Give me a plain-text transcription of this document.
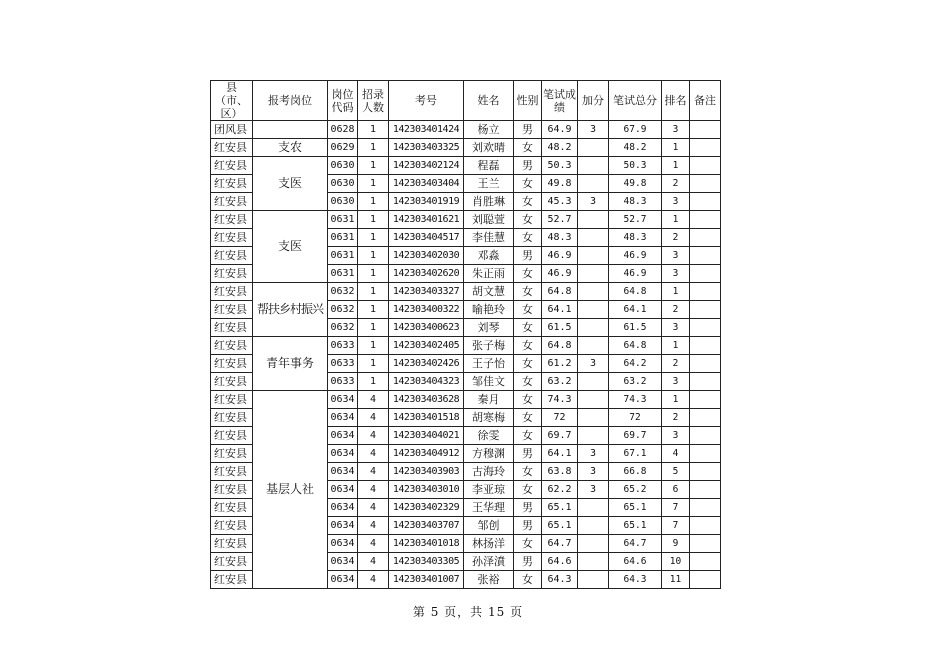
县（市、区）	报考岗位	岗位代码	招录人数	考号	姓名	性别	笔试成绩	加分	笔试总分	排名	备注
团风县		0628	1	142303401424	杨立	男	64.9	3	67.9	3	
红安县	支农	0629	1	142303403325	刘欢晴	女	48.2		48.2	1	
红安县	支医	0630	1	142303402124	程磊	男	50.3		50.3	1	
红安县		0630	1	142303403404	王兰	女	49.8		49.8	2	
红安县		0630	1	142303401919	肖胜琳	女	45.3	3	48.3	3	
红安县	支医	0631	1	142303401621	刘聪萱	女	52.7		52.7	1	
红安县		0631	1	142303404517	李佳慧	女	48.3		48.3	2	
红安县		0631	1	142303402030	邓淼	男	46.9		46.9	3	
红安县		0631	1	142303402620	朱正雨	女	46.9		46.9	3	
红安县	帮扶乡村振兴	0632	1	142303403327	胡文慧	女	64.8		64.8	1	
红安县		0632	1	142303400322	喻艳玲	女	64.1		64.1	2	
红安县		0632	1	142303400623	刘琴	女	61.5		61.5	3	
红安县	青年事务	0633	1	142303402405	张子梅	女	64.8		64.8	1	
红安县		0633	1	142303402426	王子怡	女	61.2	3	64.2	2	
红安县		0633	1	142303404323	邹佳文	女	63.2		63.2	3	
红安县	基层人社	0634	4	142303403628	秦月	女	74.3		74.3	1	
红安县		0634	4	142303401518	胡寒梅	女	72		72	2	
红安县		0634	4	142303404021	徐雯	女	69.7		69.7	3	
红安县		0634	4	142303404912	方穆渊	男	64.1	3	67.1	4	
红安县		0634	4	142303403903	古海玲	女	63.8	3	66.8	5	
红安县		0634	4	142303403010	李亚琼	女	62.2	3	65.2	6	
红安县		0634	4	142303402329	王华理	男	65.1		65.1	7	
红安县		0634	4	142303403707	邹创	男	65.1		65.1	7	
红安县		0634	4	142303401018	林扬洋	女	64.7		64.7	9	
红安县		0634	4	142303403305	孙泽濆	男	64.6		64.6	10	
红安县		0634	4	142303401007	张裕	女	64.3		64.3	11	
第 5 页，共 15 页
